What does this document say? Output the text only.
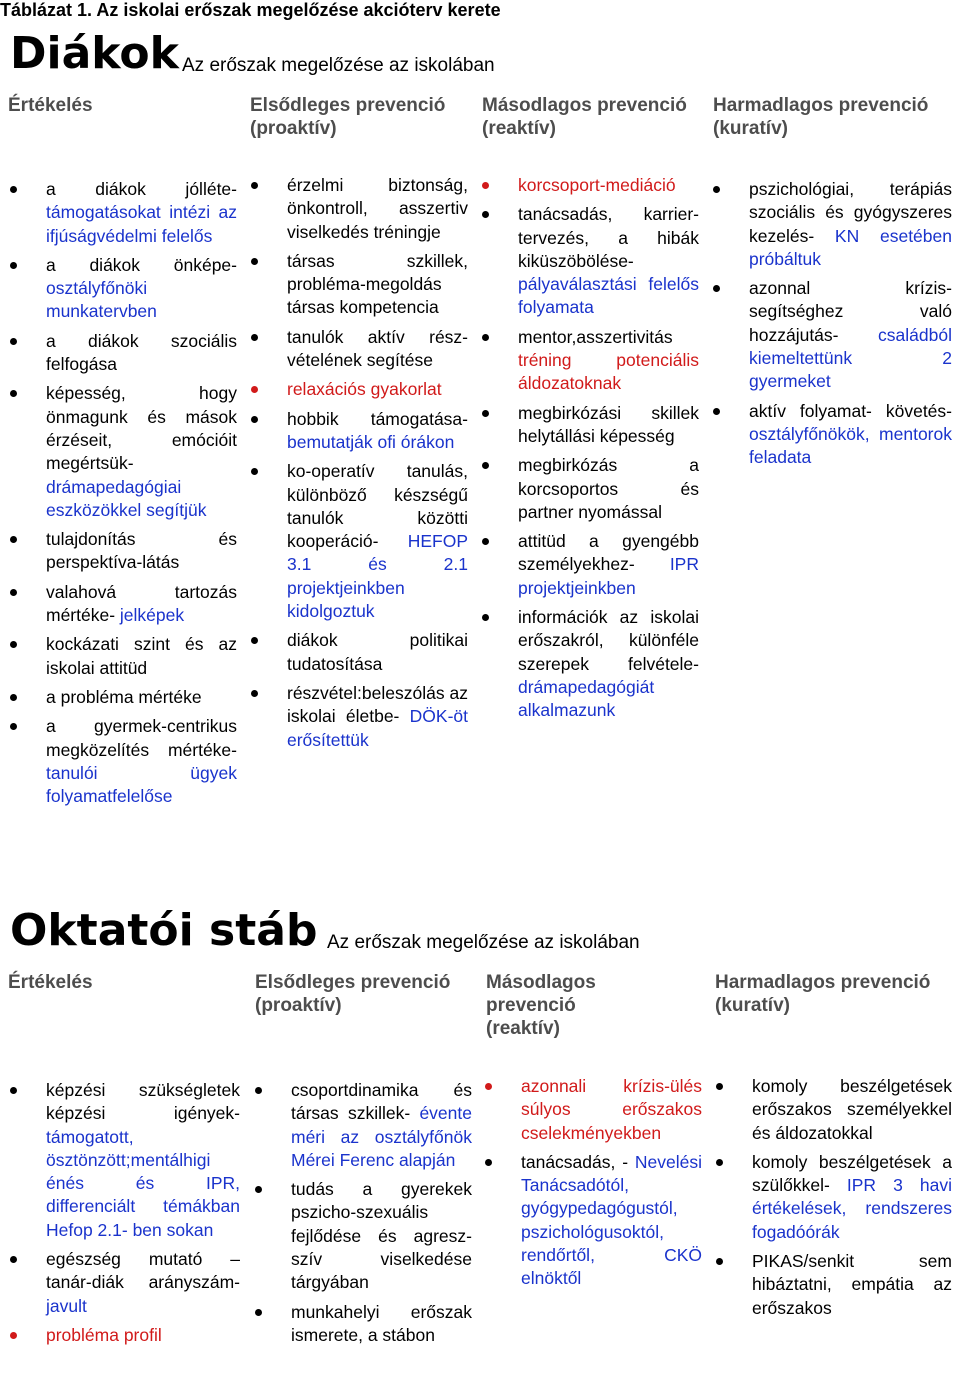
Táblázat 1. Az iskolai erőszak megelőzése akcióterv kerete
Diákok Az erőszak megelőzése az iskolában
Értékelés	Elsődleges prevenció
(proaktív)
Másodlagos prevenció
(reaktív)
Harmadlagos prevenció
(kuratív)
a diákok jólléte- támogatásokat intézi az ifjúságvédelmi felelős
a diákok önképe- osztályfőnöki munkatervben
a diákok szociális felfogása
képesség, hogy önmagunk és mások érzéseit, emócióit megértsük- drámapedagógiai eszközökkel segítjük
tulajdonítás és perspektíva-látás
valahová tartozás mértéke- jelképek
kockázati szint és az iskolai attitüd
a probléma mértéke
a gyermek-centrikus megközelítés mértéke- tanulói ügyek folyamatfelelőse
érzelmi biztonság, önkontroll, asszertiv viselkedés tréningje
társas szkillek, probléma-megoldás társas kompetencia
tanulók aktív rész- vételének segítése
relaxációs gyakorlat
hobbik támogatása- bemutatják ofi órákon
ko-operatív tanulás, különböző készségű tanulók közötti kooperáció- HEFOP 3.1 és 2.1 projektjeinkben kidolgoztuk
diákok politikai tudatosítása
részvétel:beleszólás az iskolai életbe- DÖK-öt erősítettük
korcsoport-mediáció
tanácsadás, karrier- tervezés, a hibák kiküszöbölése- pályaválasztási felelős folyamata
mentor,asszertivitás tréning potenciális áldozatoknak
megbirkózási skillek helytállási képesség
megbirkózás a korcsoportos és partner nyomással
attitüd a gyengébb személyekhez- IPR projektjeinkben
információk az iskolai erőszakról, különféle szerepek felvétele- drámapedagógiát alkalmazunk
pszichológiai, terápiás szociális és gyógyszeres kezelés- KN esetében próbáltuk
azonnal krízis- segítséghez való hozzájutás- családból kiemeltettünk 2 gyermeket
aktív folyamat- követés- osztályfőnökök, mentorok feladata
Oktatói stáb Az erőszak megelőzése az iskolában
Értékelés	Elsődleges prevenció
(proaktív)
Másodlagos
prevenció
(reaktív)
Harmadlagos prevenció
(kuratív)
képzési szükségletek képzési igények- támogatott, ösztönzött;mentálhigi énés és IPR, differenciált témákban Hefop 2.1- ben sokan
egészség mutató – tanár-diák arányszám- javult
probléma profil
csoportdinamika és társas szkillek- évente méri az osztályfőnök Mérei Ferenc alapján
tudás a gyerekek pszicho-szexuális fejlődése és agresz- szív viselkedése tárgyában
munkahelyi erőszak ismerete, a stábon
azonnali krízis-ülés súlyos erőszakos cselekményekben
tanácsadás, - Nevelési Tanácsadótól, gyógypedagógustól, pszichológusoktól, rendőrtől, CKÖ elnöktől
komoly beszélgetések erőszakos személyekkel és áldozatokkal
komoly beszélgetések a szülőkkel- IPR 3 havi értékelések, rendszeres fogadóórák
PIKAS/senkit sem hibáztatni, empátia az erőszakos
